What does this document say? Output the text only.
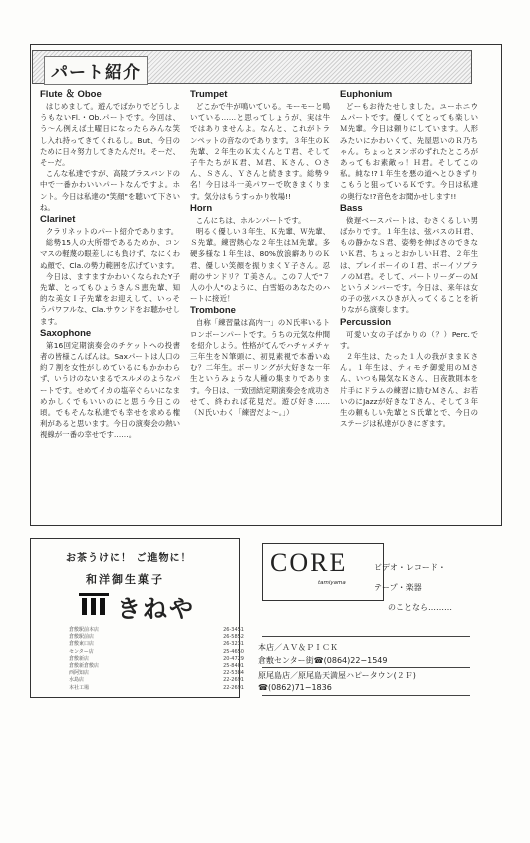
パート紹介
Flute ＆ Oboe

はじめまして。遊んでばかりでどうしようもないFl.・Ob.パートです。今回は、う〜ん例えば土曜日になったらみんな笑し入れ持ってきてくれるし。But、今日のために日々努力してきたんだ!!。そーだ、そーだ。

こんな私達ですが、高陵ブラスバンドの中で一番かわいいパートなんですよ。ホント。今日は私達の"笑顔"を聴いて下さいね。

Clarinet

クラリネットのパート紹介であります。

総勢15人の大所帯であるためか、コンマスの軽蔑の眼差しにも負けず、なにくわぬ顔で、Cla.の勢力範囲を広げています。

今日は、ますますかわいくなられたY子先輩、とってもひょうきんＳ恵先輩、知的な美女Ｉ子先輩をお迎えして、いっそうパワフルな、Cla.サウンドをお聴かせします。

Saxophone

第16回定期演奏会のチケットへの投書者の皆様こんばんは。Saxパートは人口の約７割を女性がしめているにもかかわらず、いうけのないまるでスルメのようなパートです。せめてイカの塩辛ぐらいになまめかしくでもいいのにと思う今日この頃。でもそんな私達でも幸せを求める権利があると思います。今日の演奏会の熱い視線が一番の幸せです……。

Trumpet

どこかで牛が鳴いている。モーモーと鳴いている……と思ってしょうが、実は牛ではありませんよ。なんと、これがトランペットの音なのであります。３年生のＫ先輩、２年生のＫ太くんとＴ君、そして子牛たちがＫ君、Ｍ君、Ｋさん、Ｏさん、Ｓさん、Ｙさんと続きます。総勢９名！今日は斗一美パワーで吹きまくります。気分はもうすっかり牧場!!

Horn

こんにちは、ホルンパートです。

明るく優しい３年生、Ｋ先輩、Ｗ先輩、Ｓ先輩。練習熱心な２年生はＭ先輩。多硬多様な１年生は、80%放浪癖ありのＫ君、優しい笑顔を振りまくＹ子さん。忍耐のサンドリ？Ｔ美さん。この７人で"７人の小人"のように、白雪姫のあなたのハートに接近！

Trombone

自称「練習量は高内一」のＮ氏率いるトロンボーンパートです。うちの元気な仲間を紹介しよう。性格がてんでハチャメチャ三年生をＮ筆頭に、初見素視で本番いぬむ？二年生。ボーリングが大好きな一年生というみょうな人種の集まりであります。今日は、一致団結定期演奏会を成功させて、終われば花見だ。遊び好き……（Ｎ氏いわく「練習だよ～。」）

Euphonium

どーもお待たせしました。ユーホニウムパートです。優しくてとっても楽しいＭ先輩。今日は頼りにしています。人形みたいにかわいくて、先屋思いのＲ乃ちゃん。ちょっとヌンボのずれたところがあってもお素敵っ！Ｈ君。そしてこの私。純な!?１年生を悪の道へとひきずりこもうと狙っているＫです。今日は私達の奥行な!?音色をお聞かせします!!

Bass

倹遅ベースパートは、むさくるしい男ばかりです。１年生は、弦バスのＨ君、もの静かなＳ君、姿勢を伸ばさのできないＫ君、ちょっとおかしいＨ君、２年生は、プレイボーイのＩ君、ボーイソプラノのＭ君。そして、パートリーダーのＭというメンバーです。今日は、来年は女の子の弦バスひきが入ってくることを祈りながら演奏します。

Percussion

可愛い女の子ばかりの（？）Perc.です。

２年生は、たった１人の我がままＫさん。１年生は、ティモチ御愛用のＭさん、いつも陽気なＫさん、日夜教則本を片手にドラムの練習に励むＭさん、お若いのにJazzが好きなＴさん、そして３年生の頼もしい先輩とＳ氏輩とで、今日のステージは私達がひきにぎます。

お茶うけに！ ご進物に！
和洋御生菓子
きねや
倉敷駅前本店	26-3451
倉敷駅前店	26-5852
倉敷東口店	26-3231
センター店	25-4650
倉敷新店	20-4729
倉敷新倉敷店	25-8401
西阿知店	22-5384
水島店	22-2691
本社工場	22-2691
CORE
tamiyama
ビデオ・レコード・
テープ・楽器
のことなら………
本店／ＡＶ＆ＰＩＣＫ
倉敷センター街☎(0864)22−1549
原尾島店／原尾島天満屋ハピータウン(２Ｆ)
☎(0862)71−1836
